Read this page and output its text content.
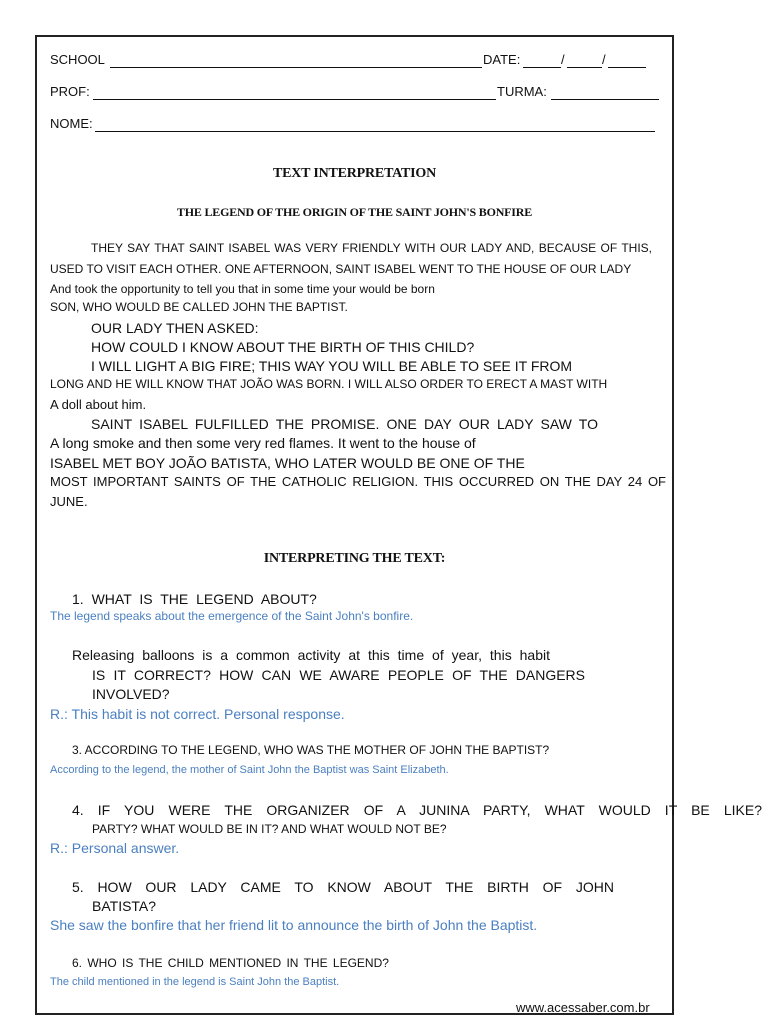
SCHOOL	DATE:	/	/
PROF:	TURMA:
NOME:
TEXT INTERPRETATION
THE LEGEND OF THE ORIGIN OF THE SAINT JOHN'S BONFIRE
THEY SAY THAT SAINT ISABEL WAS VERY FRIENDLY WITH OUR LADY AND, BECAUSE OF THIS,
USED TO VISIT EACH OTHER. ONE AFTERNOON, SAINT ISABEL WENT TO THE HOUSE OF OUR LADY
And took the opportunity to tell you that in some time your would be born
SON, WHO WOULD BE CALLED JOHN THE BAPTIST.
OUR LADY THEN ASKED:
HOW COULD I KNOW ABOUT THE BIRTH OF THIS CHILD?
I WILL LIGHT A BIG FIRE; THIS WAY YOU WILL BE ABLE TO SEE IT FROM
LONG AND HE WILL KNOW THAT JOÃO WAS BORN. I WILL ALSO ORDER TO ERECT A MAST WITH
A doll about him.
SAINT ISABEL FULFILLED THE PROMISE. ONE DAY OUR LADY SAW TO
A long smoke and then some very red flames. It went to the house of
ISABEL MET BOY JOÃO BATISTA, WHO LATER WOULD BE ONE OF THE
MOST IMPORTANT SAINTS OF THE CATHOLIC RELIGION. THIS OCCURRED ON THE DAY 24 OF
JUNE.
INTERPRETING THE TEXT:
1. WHAT IS THE LEGEND ABOUT?
The legend speaks about the emergence of the Saint John's bonfire.
Releasing balloons is a common activity at this time of year, this habit
IS IT CORRECT? HOW CAN WE AWARE PEOPLE OF THE DANGERS
INVOLVED?
R.: This habit is not correct. Personal response.
3. ACCORDING TO THE LEGEND, WHO WAS THE MOTHER OF JOHN THE BAPTIST?
According to the legend, the mother of Saint John the Baptist was Saint Elizabeth.
4. IF YOU WERE THE ORGANIZER OF A JUNINA PARTY, WHAT WOULD IT BE LIKE?
PARTY? WHAT WOULD BE IN IT? AND WHAT WOULD NOT BE?
R.: Personal answer.
5. HOW OUR LADY CAME TO KNOW ABOUT THE BIRTH OF JOHN
BATISTA?
She saw the bonfire that her friend lit to announce the birth of John the Baptist.
6. WHO IS THE CHILD MENTIONED IN THE LEGEND?
The child mentioned in the legend is Saint John the Baptist.
www.acessaber.com.br
